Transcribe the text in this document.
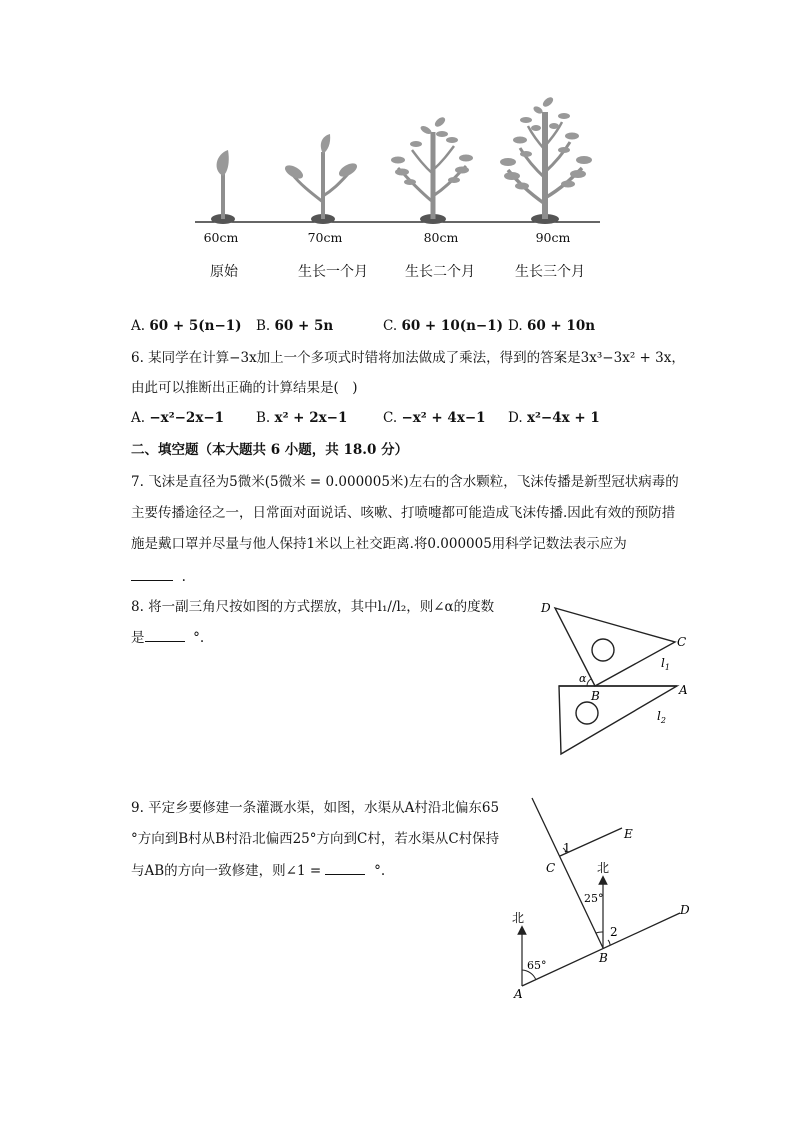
60cm	70cm	80cm	90cm
原始	生长一个月	生长二个月	生长三个月
A. 60 + 5(n−1) B. 60 + 5n	C. 60 + 10(n−1) D. 60 + 10n
6. 某同学在计算−3x加上一个多项式时错将加法做成了乘法，得到的答案是3x³−3x² + 3x，
由此可以推断出正确的计算结果是(　)
A. −x²−2x−1 B. x² + 2x−1	C. −x² + 4x−1 D. x²−4x + 1
二、填空题（本大题共 6 小题，共 18.0 分）
7. 飞沫是直径为5微米(5微米 = 0.000005米)左右的含水颗粒，飞沫传播是新型冠状病毒的
主要传播途径之一，日常面对面说话、咳嗽、打喷嚏都可能造成飞沫传播.因此有效的预防措
施是戴口罩并尽量与他人保持1米以上社交距离.将0.000005用科学记数法表示应为
.
8. 将一副三角尺按如图的方式摆放，其中l₁//l₂，则∠α的度数
是	°.
D
C
$l_1$
α
B	A
$l_2$
9. 平定乡要修建一条灌溉水渠，如图，水渠从A村沿北偏东65
°方向到B村从B村沿北偏西25°方向到C村，若水渠从C村保持
与AB的方向一致修建，则∠1 =	°.
E
1
C	北
25°
2
D
北
65°
B
A
